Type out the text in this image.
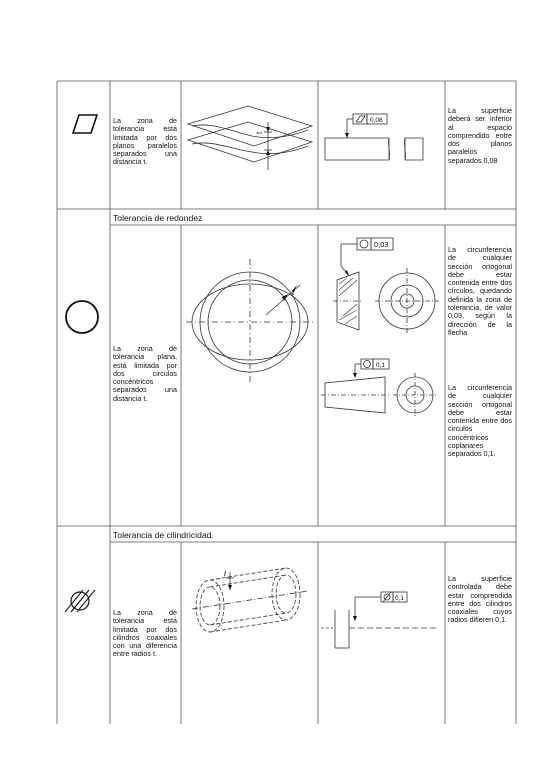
La zona de tolerancia está limitada por dos planos paralelos separados una distancia t.
t
0,08
La superficie deberá ser inferior al espacio comprendido entre dos planos paralelos separados 0,08
Tolerancia de redondez
La zona de tolerancia plana, está limitada por dos circulos concéntricos separados una distancia t.
t
0,03
0,1
La circunferencia de cualquier sección ortogonal debe estar contenida entre dos círculos, quedando definida la zona de tolerancia, de valor 0,03, según la dirección de la flecha
La circunferencia de cualquier sección ortogonal debe estar contenida entre dos circulos concéntricos coplanares separados 0,1.
Tolerancia de cilindricidad.
La zona de tolerancia está limitada por dos cilindros coaxiales con una diferencia entre radios t.
t
0,1
La superficie controlada debe estar comprendida entre dos cilindros coaxiales cuyos radios difieren 0,1.
